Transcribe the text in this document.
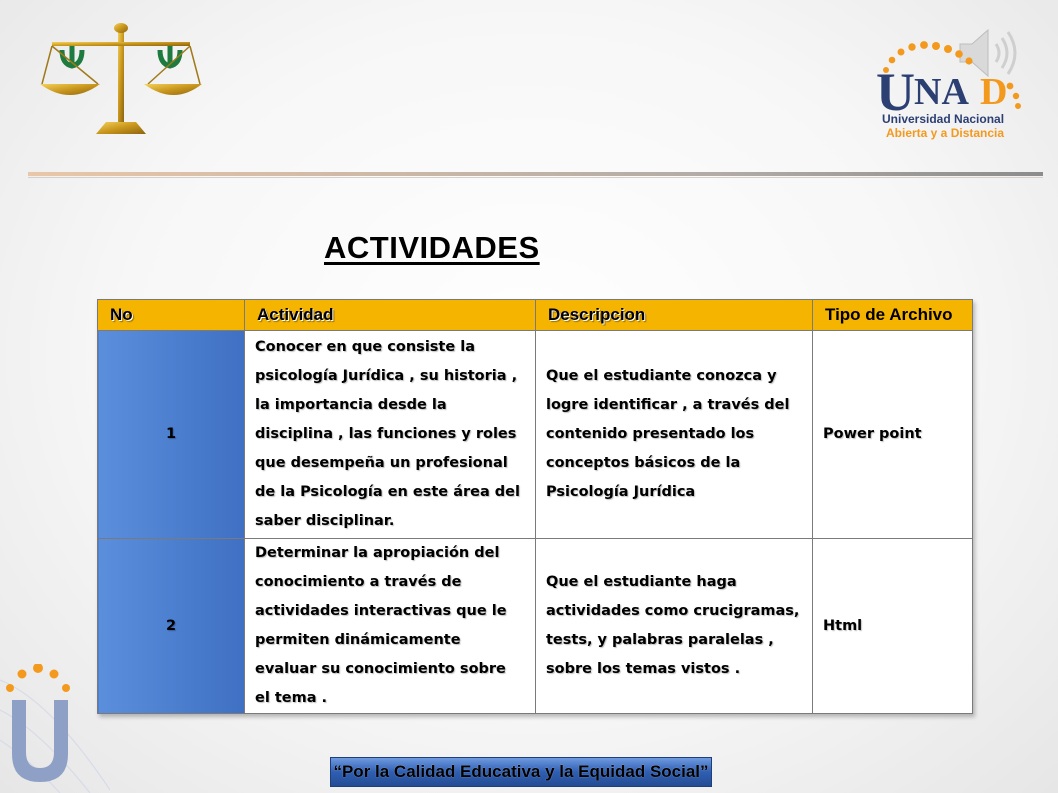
U NA D
Universidad Nacional
Abierta y a Distancia
ACTIVIDADES
No	Actividad	Descripcion	Tipo de Archivo
1	Conocer en que consiste la psicología Jurídica , su historia , la importancia desde la disciplina , las funciones y roles que desempeña un profesional de la Psicología en este área del saber disciplinar.	Que el estudiante conozca y logre identificar , a través del contenido presentado los conceptos básicos de la Psicología Jurídica	Power point
2	Determinar la apropiación del conocimiento a través de actividades interactivas que le permiten dinámicamente evaluar su conocimiento sobre el tema .	Que el estudiante haga actividades como crucigramas, tests, y palabras paralelas , sobre los temas vistos .	Html
“Por la Calidad Educativa y la Equidad Social”
